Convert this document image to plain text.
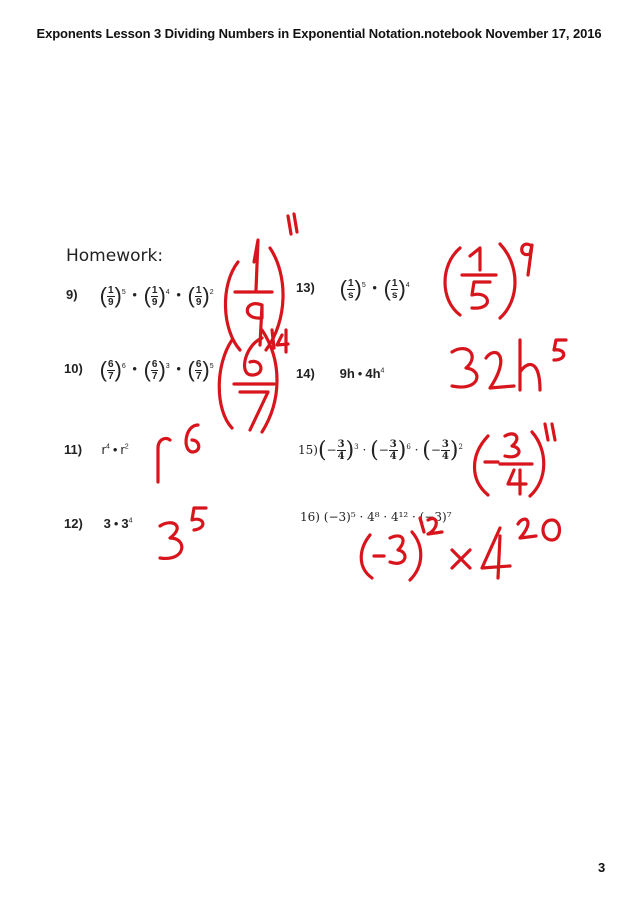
Exponents Lesson 3 Dividing Numbers in Exponential Notation.notebook November 17, 2016
Homework:
9) ( $\frac{1}{9} )^5$ • ( $\frac{1}{9} )^4$ • ( $\frac{1}{9} )^2$
10) ( $\frac{6}{7} )^6$ • ( $\frac{6}{7} )^3$ • ( $\frac{6}{7} )^5$
11) $r^4$ • $r^2$
12) 3 • $3^4$
13) ( $\frac{1}{s} )^5$ • ( $\frac{1}{s} )^4$
14) 9h • $4h^4$
$15)(- \frac{3}{4} )^3$ · (− $\frac{3}{4} )^6$ · (− $\frac{3}{4} )^2$
16) (−3)⁵ · 4⁸ · 4¹² · (−3)⁷
3
